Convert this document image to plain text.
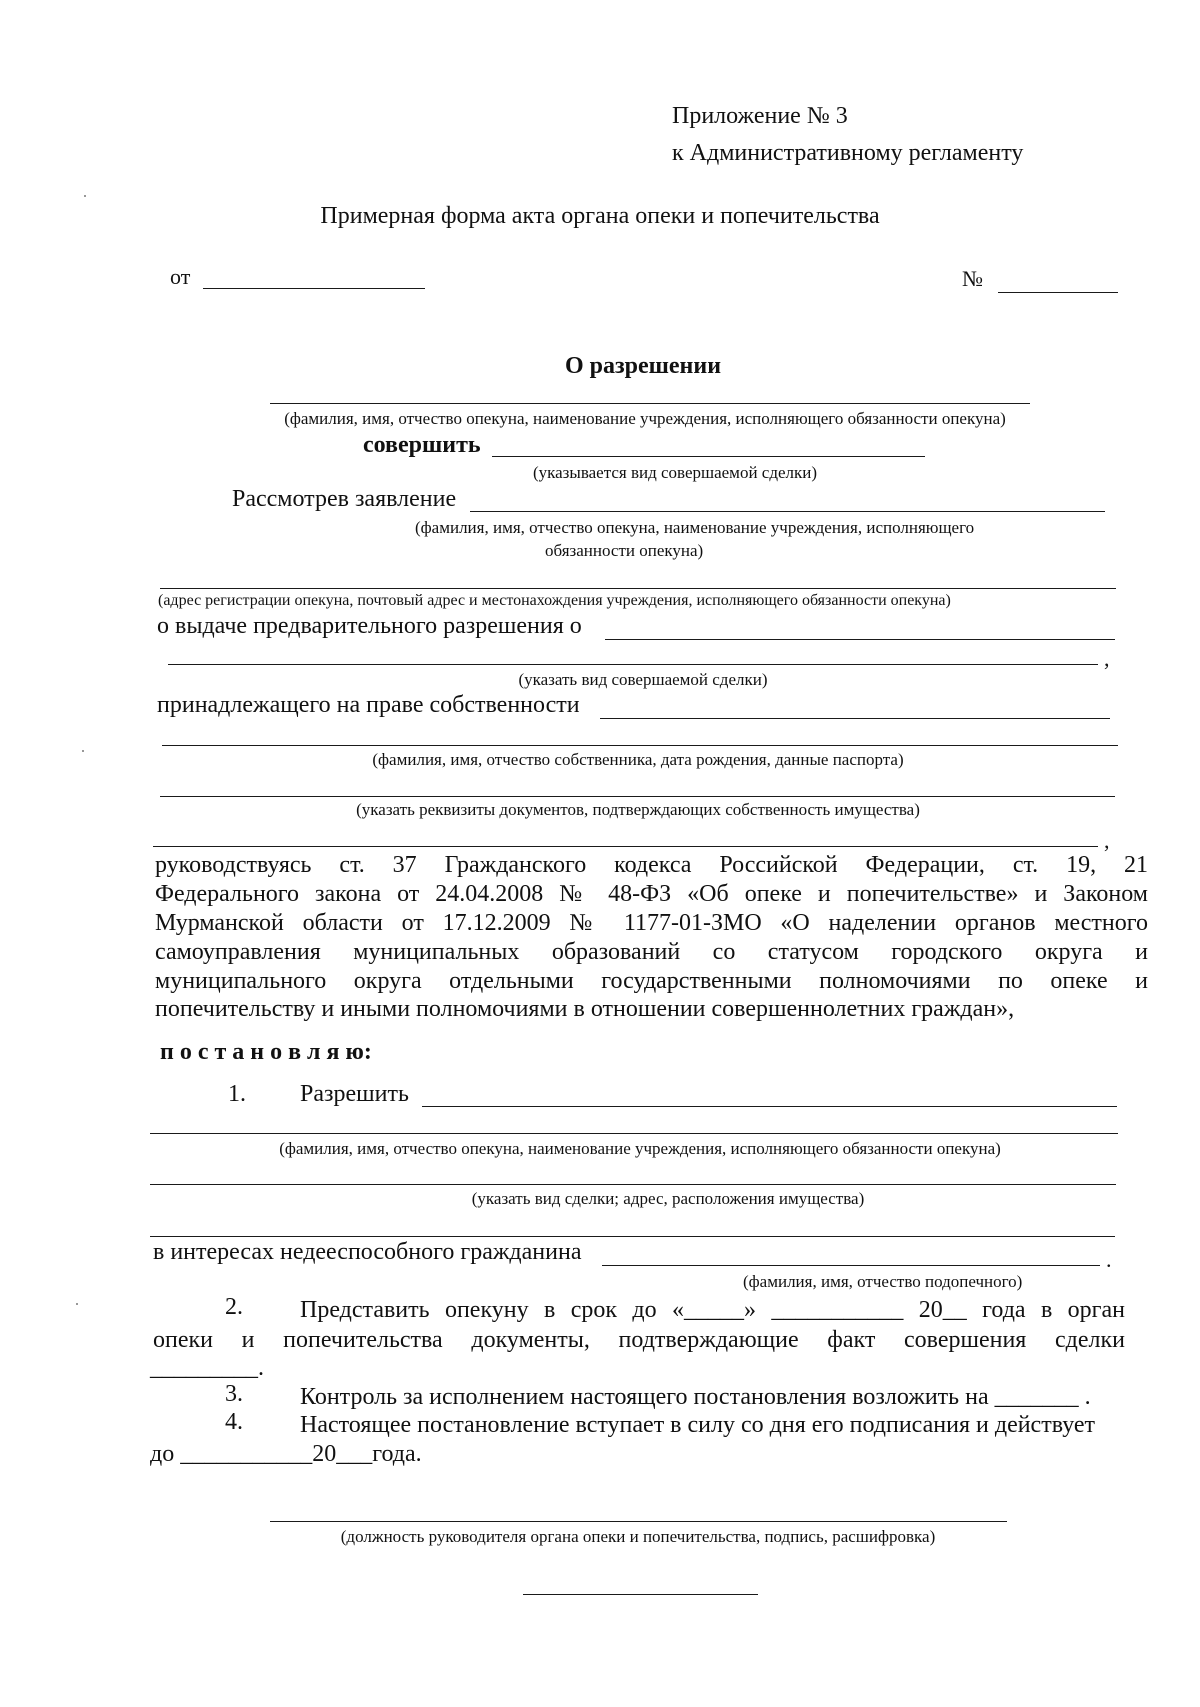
Приложение № 3
к Административному регламенту
Примерная форма акта органа опеки и попечительства
от	№
О разрешении
(фамилия, имя, отчество опекуна, наименование учреждения, исполняющего обязанности опекуна)
совершить
(указывается вид совершаемой сделки)
Рассмотрев заявление
(фамилия, имя, отчество опекуна, наименование учреждения, исполняющего
обязанности опекуна)
(адрес регистрации опекуна, почтовый адрес и местонахождения учреждения, исполняющего обязанности опекуна)
о выдаче предварительного разрешения о
,
(указать вид совершаемой сделки)
принадлежащего на праве собственности
(фамилия, имя, отчество собственника, дата рождения, данные паспорта)
(указать реквизиты документов, подтверждающих собственность имущества)
,
руководствуясь ст. 37 Гражданского кодекса Российской Федерации, ст. 19, 21
Федерального закона от 24.04.2008 № 48-ФЗ «Об опеке и попечительстве» и Законом
Мурманской области от 17.12.2009 № 1177-01-ЗМО «О наделении органов местного
самоуправления муниципальных образований со статусом городского округа и
муниципального округа отдельными государственными полномочиями по опеке и
попечительству и иными полномочиями в отношении совершеннолетних граждан»,
п о с т а н о в л я ю:
1. Разрешить
(фамилия, имя, отчество опекуна, наименование учреждения, исполняющего обязанности опекуна)
(указать вид сделки; адрес, расположения имущества)
в интересах недееспособного гражданина	.
(фамилия, имя, отчество подопечного)
2. Представить опекуну в срок до «_____» ___________ 20__ года в орган
опеки и попечительства документы, подтверждающие факт совершения сделки
_________.
3. Контроль за исполнением настоящего постановления возложить на _______ .
4. Настоящее постановление вступает в силу со дня его подписания и действует
до ___________20___года.
(должность руководителя органа опеки и попечительства, подпись, расшифровка)
